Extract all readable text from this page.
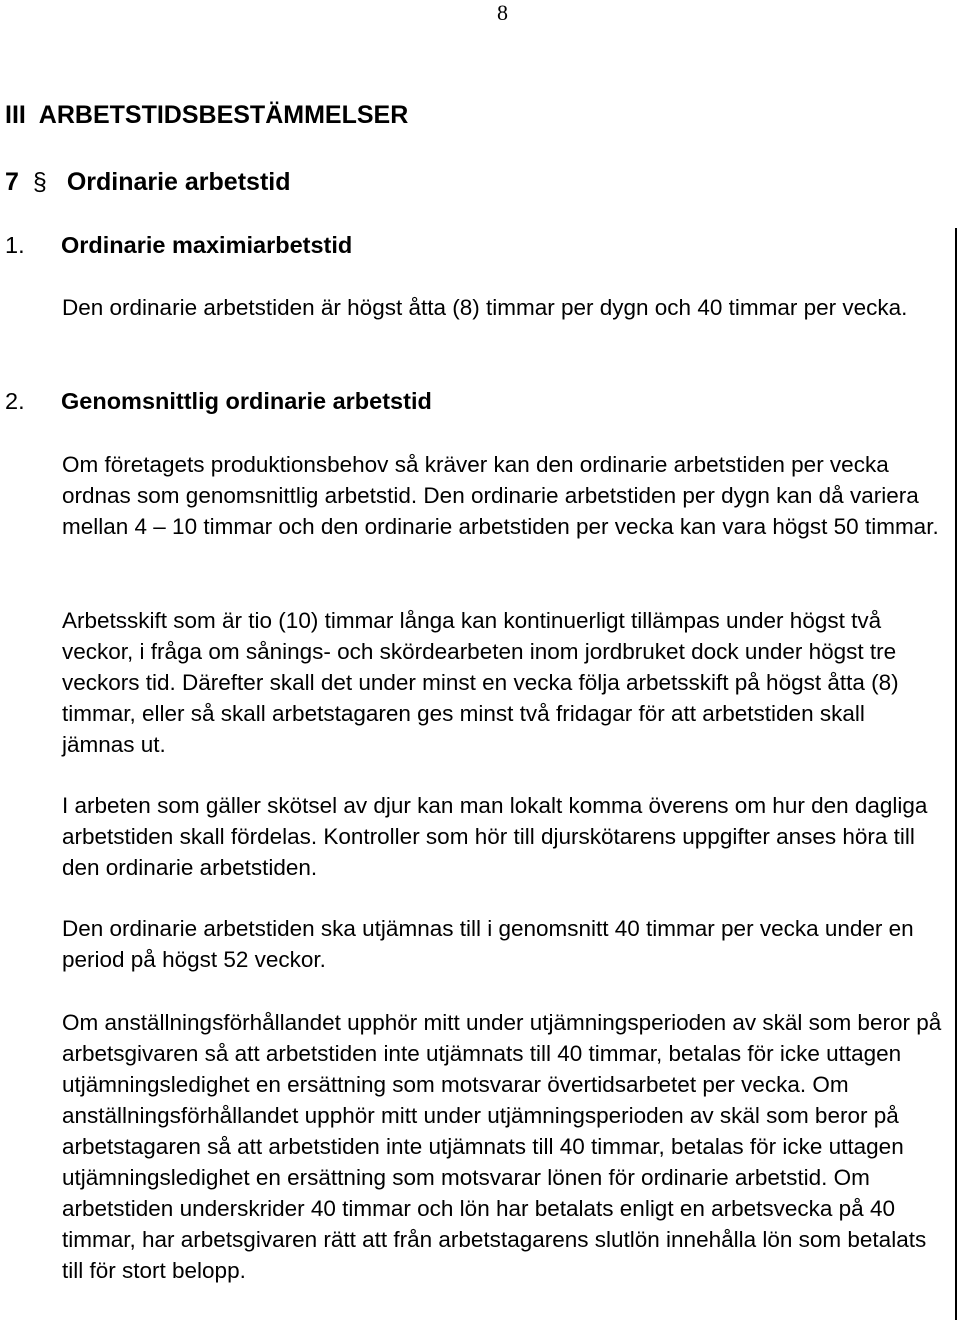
8
III  ARBETSTIDSBESTÄMMELSER
7 § Ordinarie arbetstid
1. Ordinarie maximiarbetstid

Den ordinarie arbetstiden är högst åtta (8) timmar per dygn och 40 timmar per vecka.

2. Genomsnittlig ordinarie arbetstid

Om företagets produktionsbehov så kräver kan den ordinarie arbetstiden per vecka ordnas som genomsnittlig arbetstid. Den ordinarie arbetstiden per dygn kan då variera mellan 4 – 10 timmar och den ordinarie arbetstiden per vecka kan vara högst 50 timmar.

Arbetsskift som är tio (10) timmar långa kan kontinuerligt tillämpas under högst två veckor, i fråga om sånings- och skördearbeten inom jordbruket dock under högst tre veckors tid. Därefter skall det under minst en vecka följa arbetsskift på högst åtta (8) timmar, eller så skall arbetstagaren ges minst två fridagar för att arbetstiden skall jämnas ut.

I arbeten som gäller skötsel av djur kan man lokalt komma överens om hur den dagliga arbetstiden skall fördelas. Kontroller som hör till djurskötarens uppgifter anses höra till den ordinarie arbetstiden.

Den ordinarie arbetstiden ska utjämnas till i genomsnitt 40 timmar per vecka under en period på högst 52 veckor.

Om anställningsförhållandet upphör mitt under utjämningsperioden av skäl som beror på arbetsgivaren så att arbetstiden inte utjämnats till 40 timmar, betalas för icke uttagen utjämningsledighet en ersättning som motsvarar övertidsarbetet per vecka. Om anställningsförhållandet upphör mitt under utjämningsperioden av skäl som beror på arbetstagaren så att arbetstiden inte utjämnats till 40 timmar, betalas för icke uttagen utjämningsledighet en ersättning som motsvarar lönen för ordinarie arbetstid. Om arbetstiden underskrider 40 timmar och lön har betalats enligt en arbetsvecka på 40 timmar, har arbetsgivaren rätt att från arbetstagarens slutlön innehålla lön som betalats till för stort belopp.
